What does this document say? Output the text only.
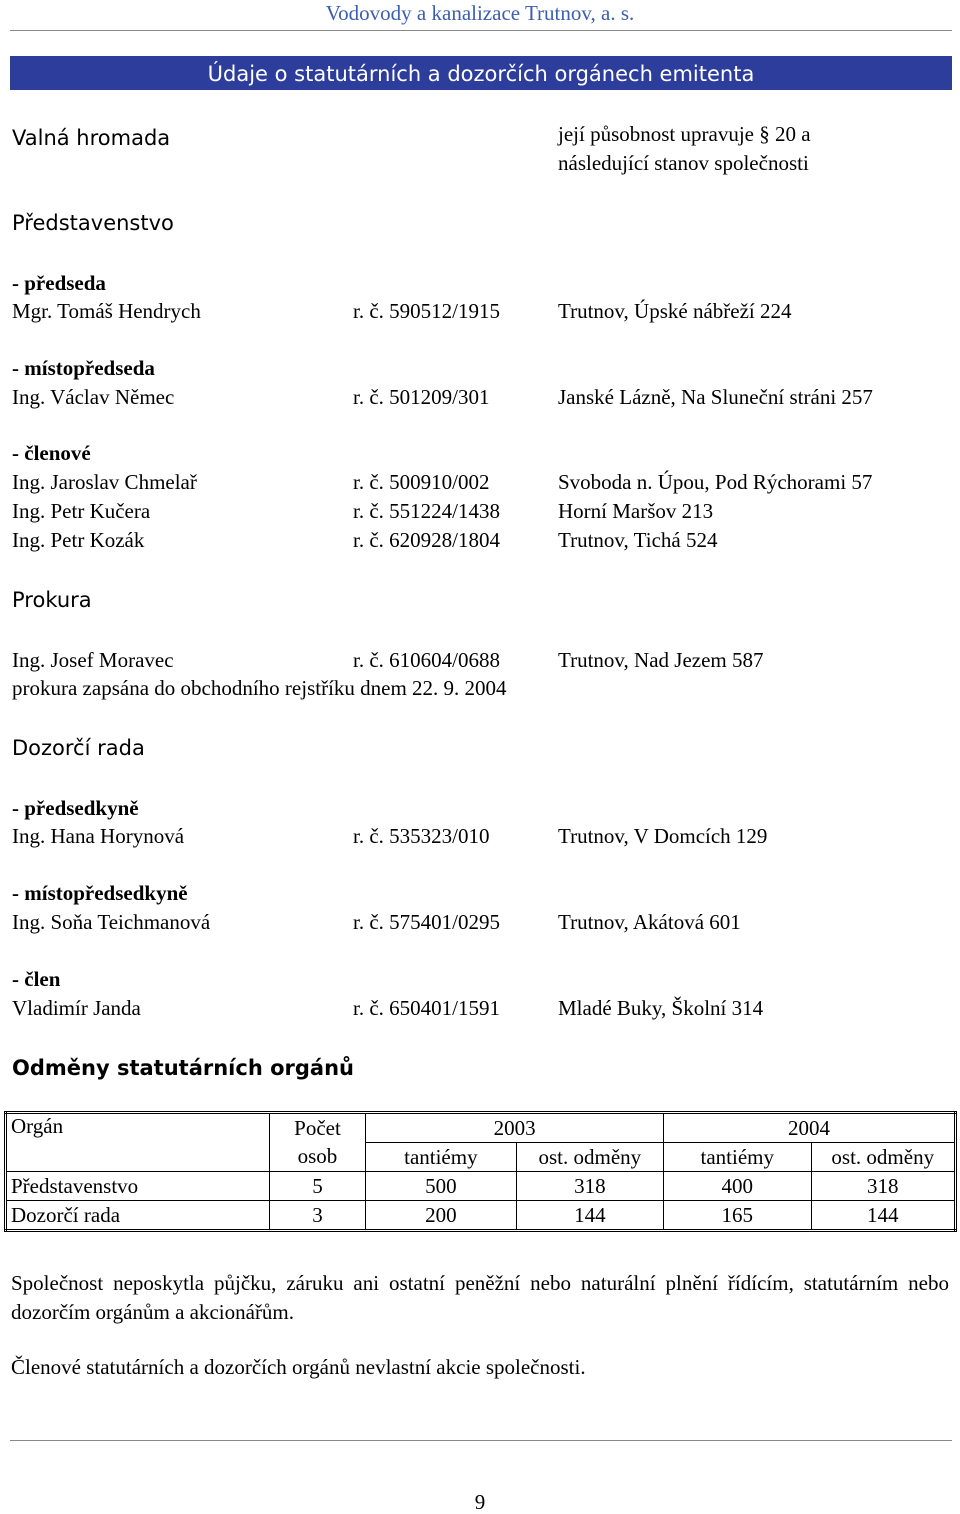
Vodovody a kanalizace Trutnov, a. s.
Údaje o statutárních a dozorčích orgánech emitenta
Valná hromada	její působnost upravuje § 20 a
následující stanov společnosti
Představenstvo
- předseda
Mgr. Tomáš Hendrych	r. č. 590512/1915	Trutnov, Úpské nábřeží 224
- místopředseda
Ing. Václav Němec	r. č. 501209/301	Janské Lázně, Na Sluneční stráni 257
- členové
Ing. Jaroslav Chmelař	r. č. 500910/002	Svoboda n. Úpou, Pod Rýchorami 57
Ing. Petr Kučera	r. č. 551224/1438	Horní Maršov 213
Ing. Petr Kozák	r. č. 620928/1804	Trutnov, Tichá 524
Prokura
Ing. Josef Moravec	r. č. 610604/0688	Trutnov, Nad Jezem 587
prokura zapsána do obchodního rejstříku dnem 22. 9. 2004
Dozorčí rada
- předsedkyně
Ing. Hana Horynová	r. č. 535323/010	Trutnov, V Domcích 129
- místopředsedkyně
Ing. Soňa Teichmanová	r. č. 575401/0295	Trutnov, Akátová 601
- člen
Vladimír Janda	r. č. 650401/1591	Mladé Buky, Školní 314
Odměny statutárních orgánů
Orgán	Počet	2003		2004	
	osob	tantiémy	ost. odměny	tantiémy	ost. odměny
Představenstvo	5	500	318	400	318
Dozorčí rada	3	200	144	165	144
Společnost neposkytla půjčku, záruku ani ostatní peněžní nebo naturální plnění řídícím, statutárním nebo dozorčím orgánům a akcionářům.
Členové statutárních a dozorčích orgánů nevlastní akcie společnosti.
9
